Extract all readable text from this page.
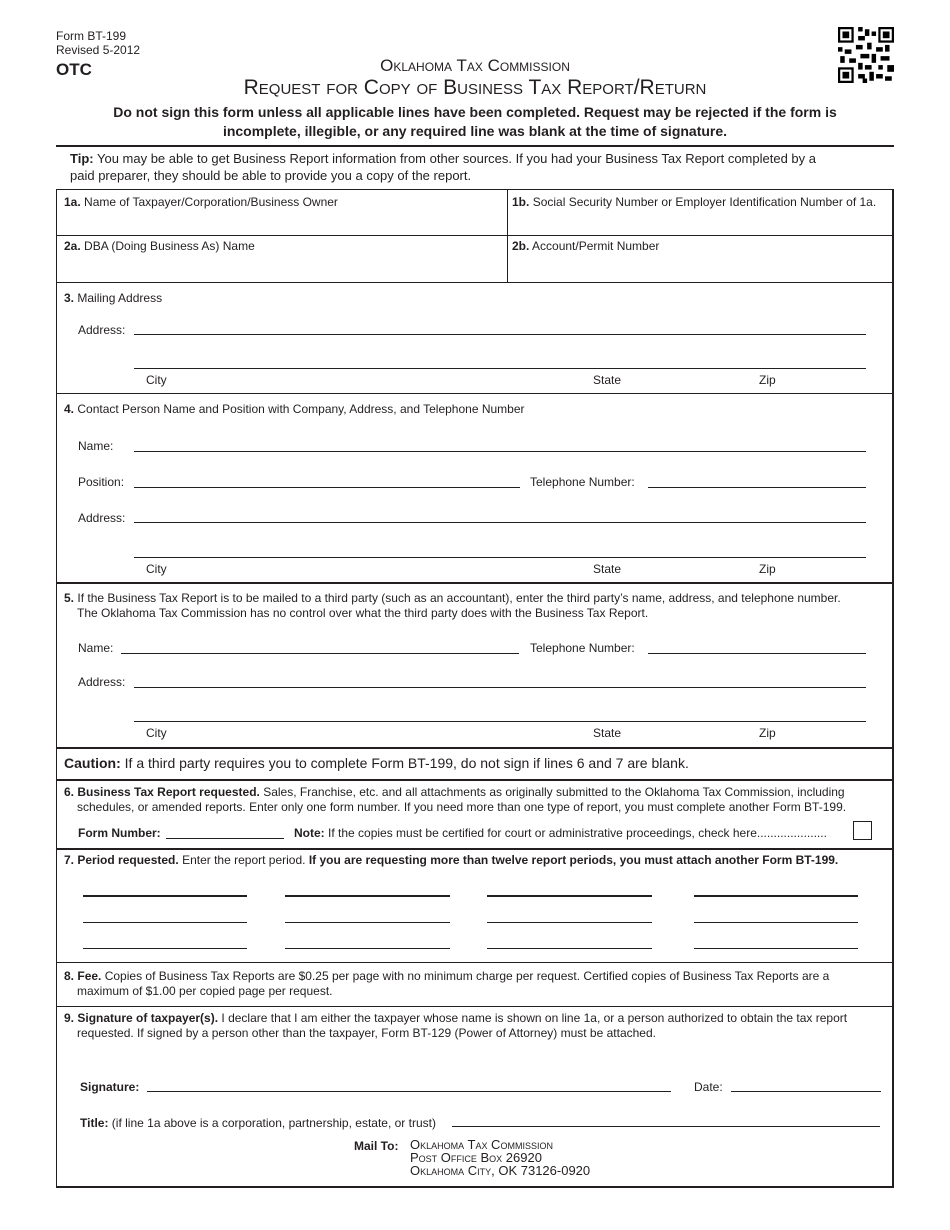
Form BT-199
Revised 5-2012
OTC	Oklahoma Tax Commission
Request for Copy of Business Tax Report/Return
Do not sign this form unless all applicable lines have been completed. Request may be rejected if the form is
incomplete, illegible, or any required line was blank at the time of signature.
Tip: You may be able to get Business Report information from other sources. If you had your Business Tax Report completed by a
paid preparer, they should be able to provide you a copy of the report.
1a. Name of Taxpayer/Corporation/Business Owner	1b. Social Security Number or Employer Identification Number of 1a.
2a. DBA (Doing Business As) Name	2b. Account/Permit Number
3. Mailing Address
Address:
City	State	Zip
4. Contact Person Name and Position with Company, Address, and Telephone Number
Name:
Position:	Telephone Number:
Address:
City	State	Zip
5. If the Business Tax Report is to be mailed to a third party (such as an accountant), enter the third party’s name, address, and telephone number.
The Oklahoma Tax Commission has no control over what the third party does with the Business Tax Report.
Name:	Telephone Number:
Address:
City	State	Zip
Caution: If a third party requires you to complete Form BT-199, do not sign if lines 6 and 7 are blank.
6. Business Tax Report requested. Sales, Franchise, etc. and all attachments as originally submitted to the Oklahoma Tax Commission, including
schedules, or amended reports. Enter only one form number. If you need more than one type of report, you must complete another Form BT-199.
Form Number:	Note: If the copies must be certified for court or administrative proceedings, check here.....................
7. Period requested. Enter the report period. If you are requesting more than twelve report periods, you must attach another Form BT-199.
8. Fee. Copies of Business Tax Reports are $0.25 per page with no minimum charge per request. Certified copies of Business Tax Reports are a
maximum of $1.00 per copied page per request.
9. Signature of taxpayer(s). I declare that I am either the taxpayer whose name is shown on line 1a, or a person authorized to obtain the tax report
requested. If signed by a person other than the taxpayer, Form BT-129 (Power of Attorney) must be attached.
Signature:	Date:
Title: (if line 1a above is a corporation, partnership, estate, or trust)
Mail To: Oklahoma Tax Commission
Post Office Box 26920
Oklahoma City, OK 73126-0920
